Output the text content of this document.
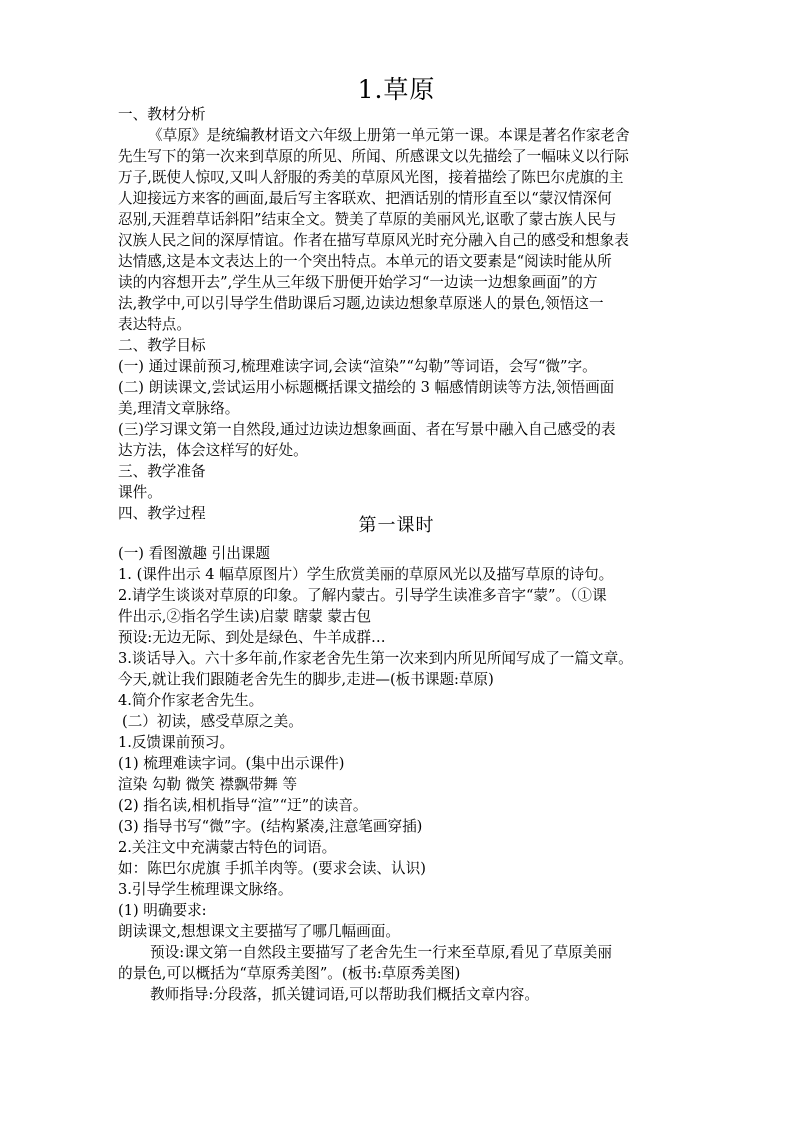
1.草原
一、教材分析
《草原》是统编教材语文六年级上册第一单元第一课。本课是著名作家老舍
先生写下的第一次来到草原的所见、所闻、所感课文以先描绘了一幅味义以行际
万子,既使人惊叹,又叫人舒服的秀美的草原风光图，接着描绘了陈巴尔虎旗的主
人迎接远方来客的画面,最后写主客联欢、把酒话别的情形直至以“蒙汉情深何
忍别,天涯碧草话斜阳”结束全文。赞美了草原的美丽风光,讴歌了蒙古族人民与
汉族人民之间的深厚情谊。作者在描写草原风光时充分融入自己的感受和想象表
达情感,这是本文表达上的一个突出特点。本单元的语文要素是“阅读时能从所
读的内容想开去”,学生从三年级下册便开始学习“一边读一边想象画面”的方
法,教学中,可以引导学生借助课后习题,边读边想象草原迷人的景色,领悟这一
表达特点。
二、教学目标
(一) 通过课前预习,梳理难读字词,会读“渲染”“勾勒”等词语，会写“微”字。
(二) 朗读课文,尝试运用小标题概括课文描绘的 3 幅感情朗读等方法,领悟画面
美,理清文章脉络。
(三)学习课文第一自然段,通过边读边想象画面、者在写景中融入自己感受的表
达方法，体会这样写的好处。
三、教学准备
课件。
四、教学过程
第一课时
(一) 看图激趣 引出课题
1. (课件出示 4 幅草原图片）学生欣赏美丽的草原风光以及描写草原的诗句。
2.请学生谈谈对草原的印象。了解内蒙古。引导学生读准多音字“蒙”。（①课
件出示,②指名学生读)启蒙 瞎蒙 蒙古包
预设:无边无际、到处是绿色、牛羊成群…
3.谈话导入。六十多年前,作家老舍先生第一次来到内所见所闻写成了一篇文章。
今天,就让我们跟随老舍先生的脚步,走进—(板书课题:草原)
4.简介作家老舍先生。
(二）初读，感受草原之美。
1.反馈课前预习。
(1) 梳理难读字词。(集中出示课件)
渲染 勾勒 微笑 襟飘带舞 等
(2) 指名读,相机指导“渲”“迂”的读音。
(3) 指导书写“微”字。(结构紧凑,注意笔画穿插)
2.关注文中充满蒙古特色的词语。
如：陈巴尔虎旗 手抓羊肉等。(要求会读、认识)
3.引导学生梳理课文脉络。
(1) 明确要求:
朗读课文,想想课文主要描写了哪几幅画面。
预设:课文第一自然段主要描写了老舍先生一行来至草原,看见了草原美丽
的景色,可以概括为“草原秀美图”。(板书:草原秀美图)
教师指导:分段落，抓关键词语,可以帮助我们概括文章内容。
